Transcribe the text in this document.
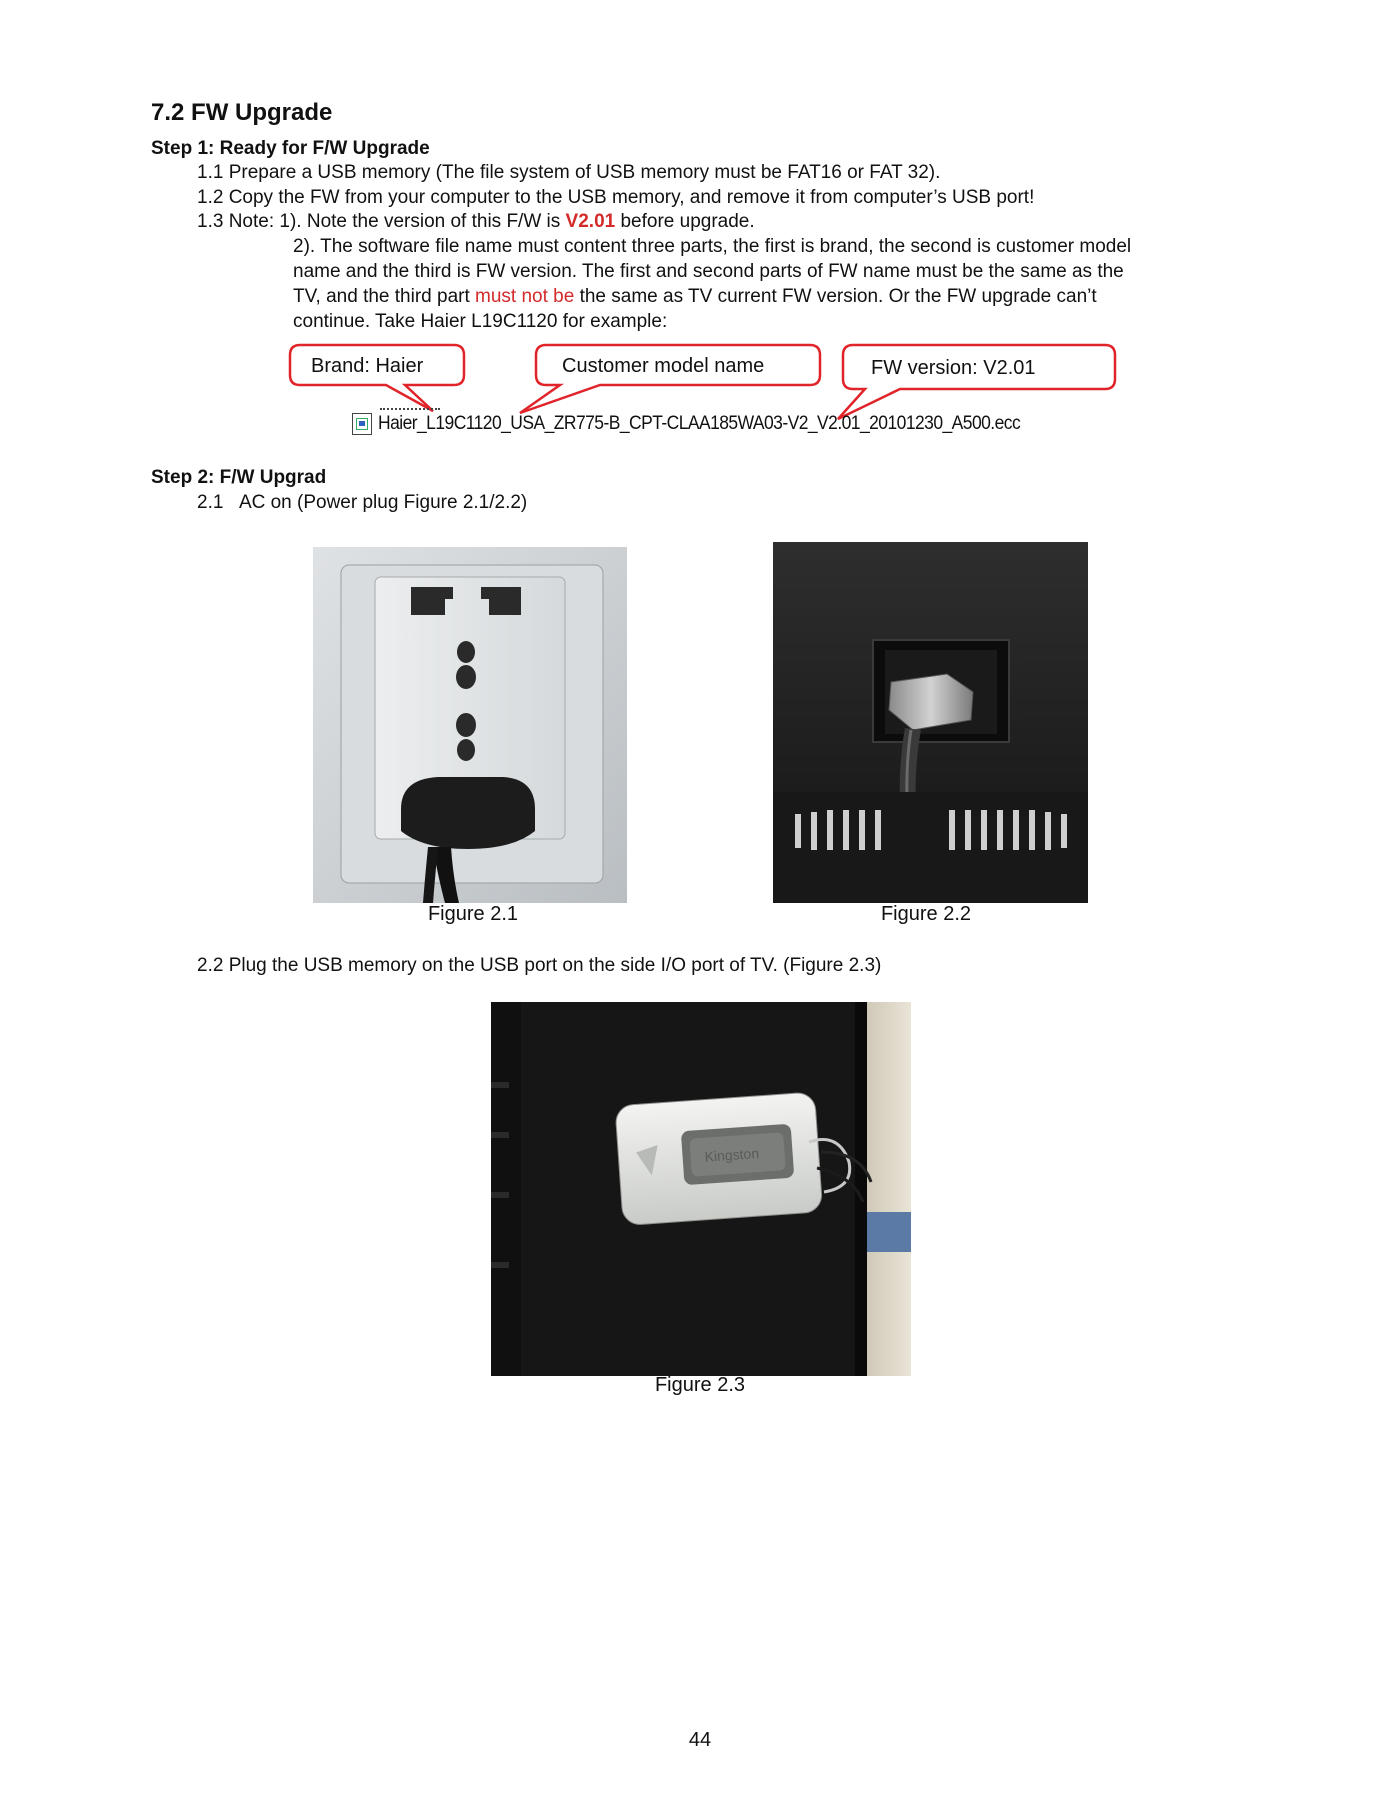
7.2 FW Upgrade
Step 1: Ready for F/W Upgrade
1.1 Prepare a USB memory (The file system of USB memory must be FAT16 or FAT 32).
1.2 Copy the FW from your computer to the USB memory, and remove it from computer’s USB port!
1.3 Note: 1). Note the version of this F/W is V2.01 before upgrade.
2). The software file name must content three parts, the first is brand, the second is customer model
name and the third is FW version. The first and second parts of FW name must be the same as the
TV, and the third part must not be the same as TV current FW version. Or the FW upgrade can’t
continue. Take Haier L19C1120 for example:
Brand: Haier	Customer model name	FW version: V2.01
Haier_L19C1120_USA_ZR775-B_CPT-CLAA185WA03-V2_V2.01_20101230_A500.ecc
Step 2: F/W Upgrad
2.1 AC on (Power plug Figure 2.1/2.2)
Figure 2.1	Figure 2.2
2.2 Plug the USB memory on the USB port on the side I/O port of TV. (Figure 2.3)
Kingston
Figure 2.3
44
